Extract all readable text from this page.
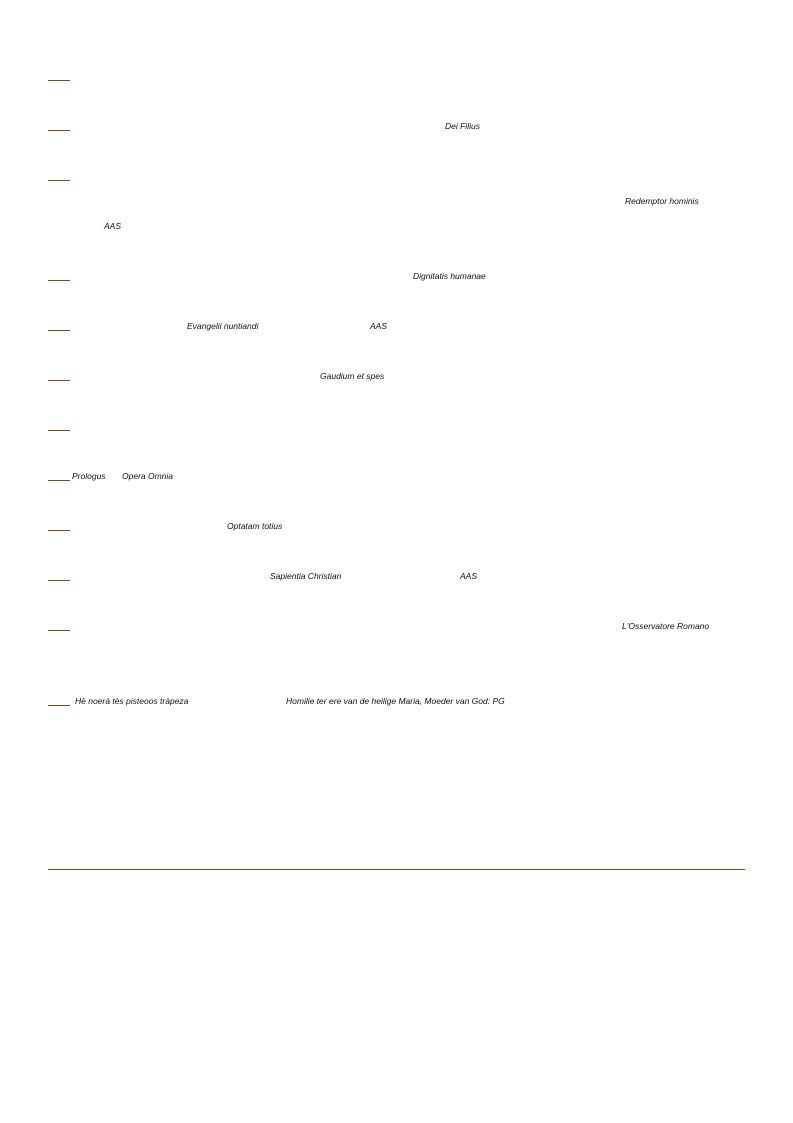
Dei Filius
Redemptor hominis
AAS
Dignitatis humanae
Evangelii nuntiandi	AAS
Gaudium et spes
Prologus Opera Omnia
Optatam totius
Sapientia Christian	AAS
L'Osservatore Romano
Hè noerá tès pisteoos tràpeza	Homilie ter ere van de heilige Maria, Moeder van God: PG
